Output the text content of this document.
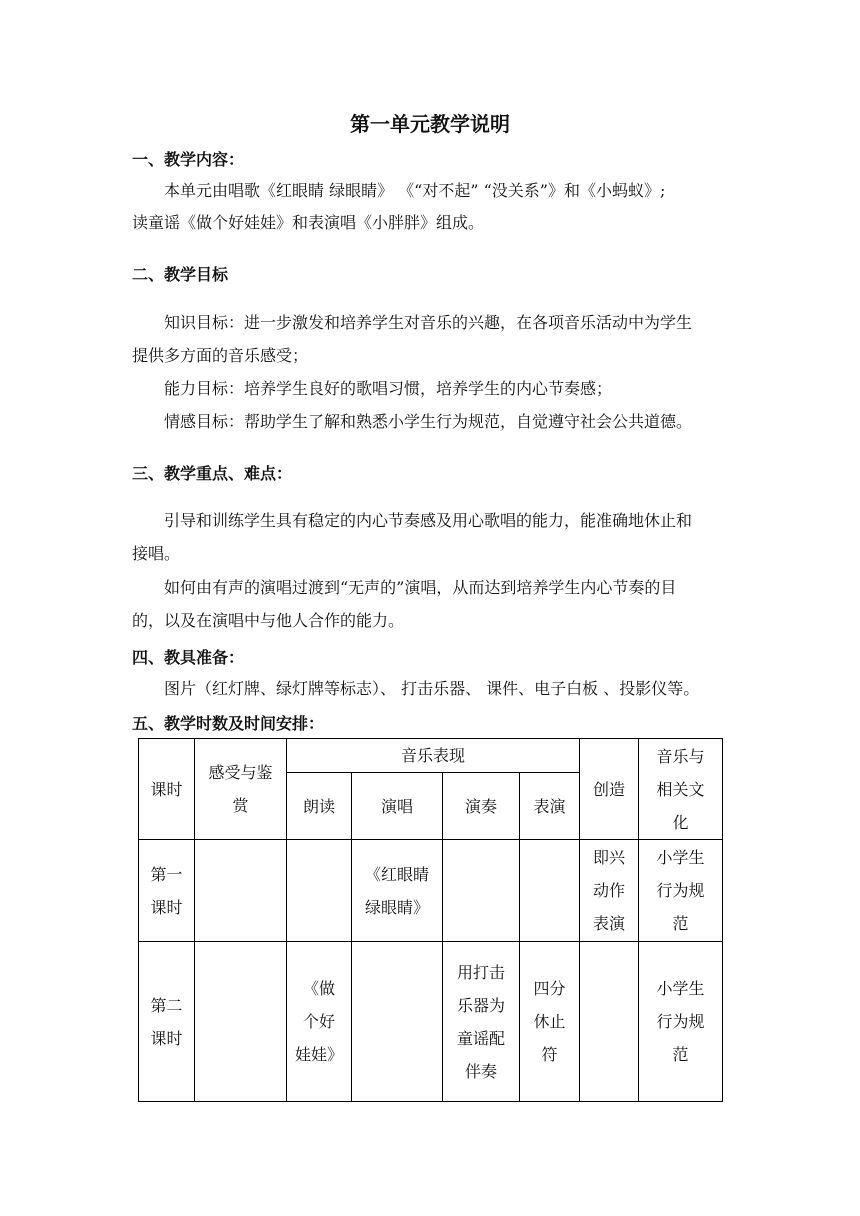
第一单元教学说明
一、教学内容：
本单元由唱歌《红眼睛 绿眼睛》 《“对不起” “没关系”》和《小蚂蚁》;
读童谣《做个好娃娃》和表演唱《小胖胖》组成。
二、教学目标
知识目标：进一步激发和培养学生对音乐的兴趣，在各项音乐活动中为学生
提供多方面的音乐感受；
能力目标：培养学生良好的歌唱习惯，培养学生的内心节奏感；
情感目标：帮助学生了解和熟悉小学生行为规范，自觉遵守社会公共道德。
三、教学重点、难点：
引导和训练学生具有稳定的内心节奏感及用心歌唱的能力，能准确地休止和
接唱。
如何由有声的演唱过渡到“无声的”演唱，从而达到培养学生内心节奏的目
的，以及在演唱中与他人合作的能力。
四、教具准备：
图片（红灯牌、绿灯牌等标志）、 打击乐器、 课件、电子白板 、投影仪等。
五、教学时数及时间安排：
课时	感受与鉴
赏	音乐表现				创造	音乐与
相关文
化
		朗读	演唱	演奏	表演		
第一
课时			《红眼睛
绿眼睛》			即兴
动作
表演	小学生
行为规
范
第二
课时		《做
个好
娃娃》		用打击
乐器为
童谣配
伴奏	四分
休止
符		小学生
行为规
范
